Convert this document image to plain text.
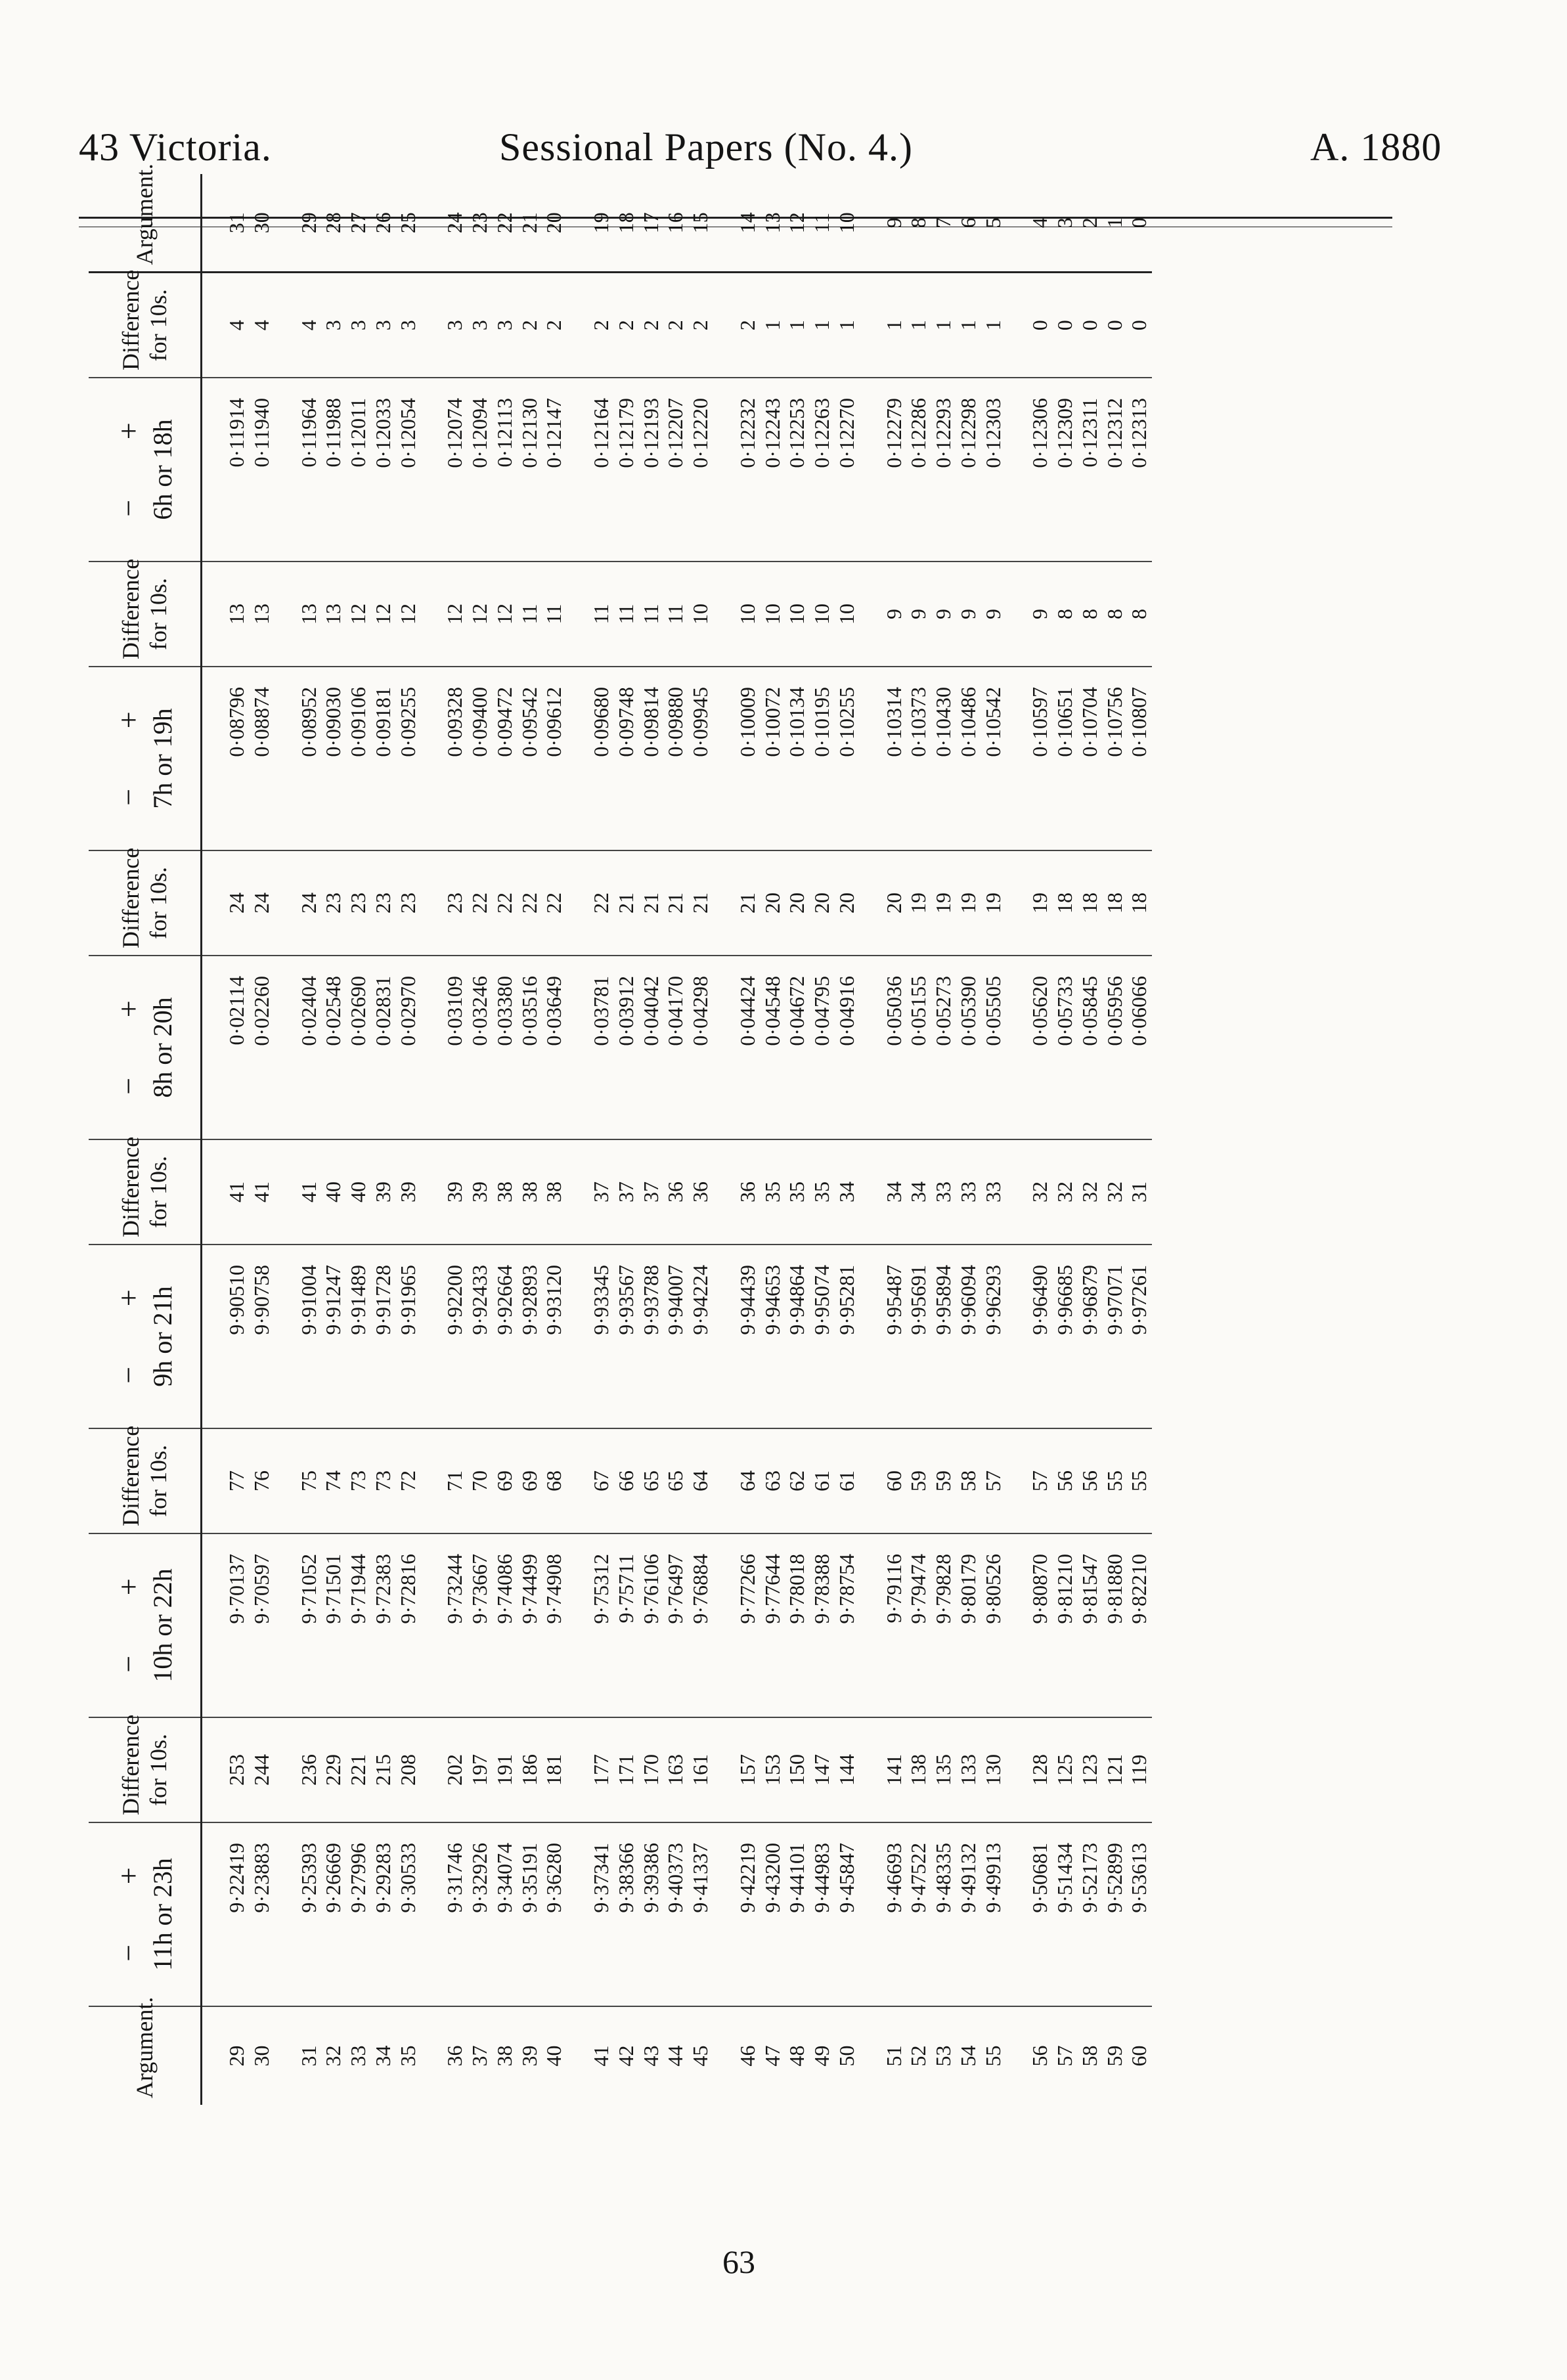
43 Victoria.	Sessional Papers (No. 4.)	A. 1880
Argument.	− + 11h or 23h	Difference for 10s.	− + 10h or 22h	Difference for 10s.	− + 9h or 21h	Difference for 10s.	− + 8h or 20h	Difference for 10s.	− + 7h or 19h	Difference for 10s.	− + 6h or 18h	Difference for 10s.	Argument.
29	9·22419	253	9·70137	77	9·90510	41	0·02114	24	0·08796	13	0·11914	4	31
30	9·23883	244	9·70597	76	9·90758	41	0·02260	24	0·08874	13	0·11940	4	30
31	9·25393	236	9·71052	75	9·91004	41	0·02404	24	0·08952	13	0·11964	4	29
32	9·26669	229	9·71501	74	9·91247	40	0·02548	23	0·09030	13	0·11988	3	28
33	9·27996	221	9·71944	73	9·91489	40	0·02690	23	0·09106	12	0·12011	3	27
34	9·29283	215	9·72383	73	9·91728	39	0·02831	23	0·09181	12	0·12033	3	26
35	9·30533	208	9·72816	72	9·91965	39	0·02970	23	0·09255	12	0·12054	3	25
36	9·31746	202	9·73244	71	9·92200	39	0·03109	23	0·09328	12	0·12074	3	24
37	9·32926	197	9·73667	70	9·92433	39	0·03246	22	0·09400	12	0·12094	3	23
38	9·34074	191	9·74086	69	9·92664	38	0·03380	22	0·09472	12	0·12113	3	22
39	9·35191	186	9·74499	69	9·92893	38	0·03516	22	0·09542	11	0·12130	2	21
40	9·36280	181	9·74908	68	9·93120	38	0·03649	22	0·09612	11	0·12147	2	20
41	9·37341	177	9·75312	67	9·93345	37	0·03781	22	0·09680	11	0·12164	2	19
42	9·38366	171	9·75711	66	9·93567	37	0·03912	21	0·09748	11	0·12179	2	18
43	9·39386	170	9·76106	65	9·93788	37	0·04042	21	0·09814	11	0·12193	2	17
44	9·40373	163	9·76497	65	9·94007	36	0·04170	21	0·09880	11	0·12207	2	16
45	9·41337	161	9·76884	64	9·94224	36	0·04298	21	0·09945	10	0·12220	2	15
46	9·42219	157	9·77266	64	9·94439	36	0·04424	21	0·10009	10	0·12232	2	14
47	9·43200	153	9·77644	63	9·94653	35	0·04548	20	0·10072	10	0·12243	1	13
48	9·44101	150	9·78018	62	9·94864	35	0·04672	20	0·10134	10	0·12253	1	12
49	9·44983	147	9·78388	61	9·95074	35	0·04795	20	0·10195	10	0·12263	1	11
50	9·45847	144	9·78754	61	9·95281	34	0·04916	20	0·10255	10	0·12270	1	10
51	9·46693	141	9·79116	60	9·95487	34	0·05036	20	0·10314	9	0·12279	1	9
52	9·47522	138	9·79474	59	9·95691	34	0·05155	19	0·10373	9	0·12286	1	8
53	9·48335	135	9·79828	59	9·95894	33	0·05273	19	0·10430	9	0·12293	1	7
54	9·49132	133	9·80179	58	9·96094	33	0·05390	19	0·10486	9	0·12298	1	6
55	9·49913	130	9·80526	57	9·96293	33	0·05505	19	0·10542	9	0·12303	1	5
56	9·50681	128	9·80870	57	9·96490	32	0·05620	19	0·10597	9	0·12306	0	4
57	9·51434	125	9·81210	56	9·96685	32	0·05733	18	0·10651	8	0·12309	0	3
58	9·52173	123	9·81547	56	9·96879	32	0·05845	18	0·10704	8	0·12311	0	2
59	9·52899	121	9·81880	55	9·97071	32	0·05956	18	0·10756	8	0·12312	0	1
60	9·53613	119	9·82210	55	9·97261	31	0·06066	18	0·10807	8	0·12313	0	0
63
